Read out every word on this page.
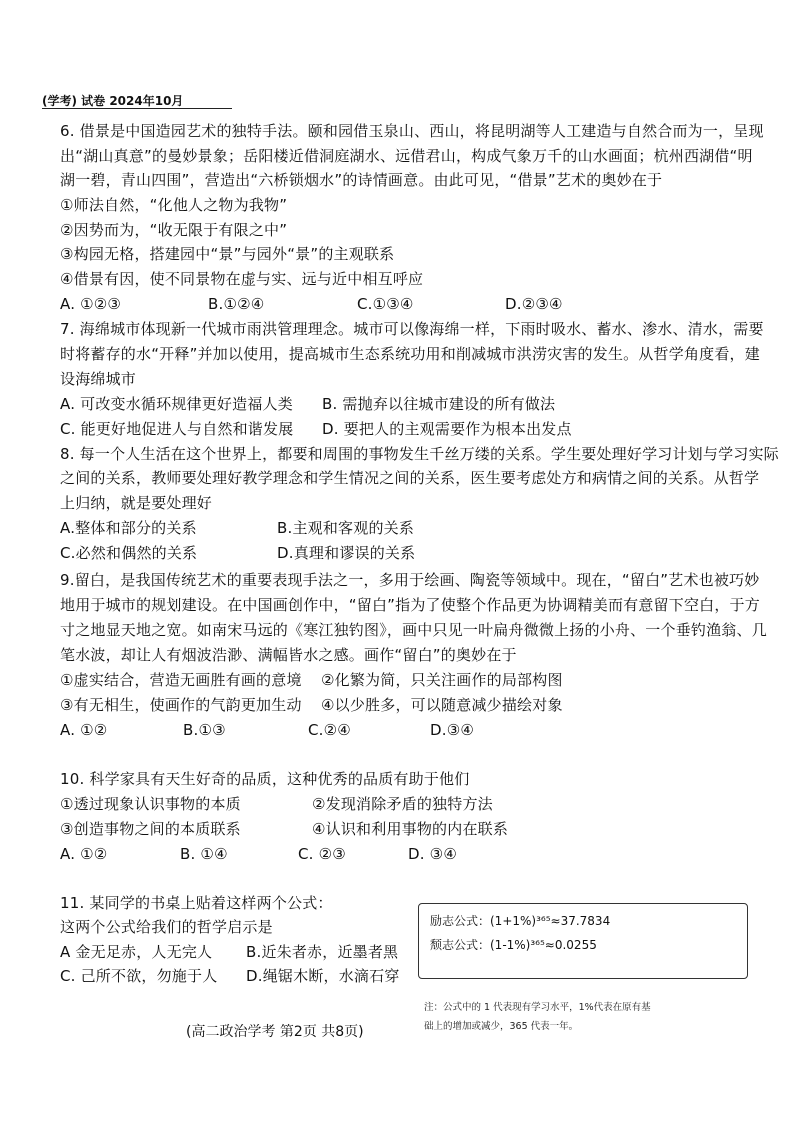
(学考) 试卷 2024年10月
6. 借景是中国造园艺术的独特手法。颐和园借玉泉山、西山，将昆明湖等人工建造与自然合而为一，呈现
出“湖山真意”的曼妙景象；岳阳楼近借洞庭湖水、远借君山，构成气象万千的山水画面；杭州西湖借“明
湖一碧，青山四围”，营造出“六桥锁烟水”的诗情画意。由此可见，“借景”艺术的奥妙在于
①师法自然，“化他人之物为我物”
②因势而为，“收无限于有限之中”
③构园无格，搭建园中“景”与园外“景”的主观联系
④借景有因，使不同景物在虚与实、远与近中相互呼应
A. ①②③	B.①②④	C.①③④	D.②③④
7. 海绵城市体现新一代城市雨洪管理理念。城市可以像海绵一样，下雨时吸水、蓄水、渗水、清水，需要
时将蓄存的水“开释”并加以使用，提高城市生态系统功用和削减城市洪涝灾害的发生。从哲学角度看，建
设海绵城市
A. 可改变水循环规律更好造福人类 B. 需抛弃以往城市建设的所有做法
C. 能更好地促进人与自然和谐发展 D. 要把人的主观需要作为根本出发点
8. 每一个人生活在这个世界上，都要和周围的事物发生千丝万缕的关系。学生要处理好学习计划与学习实际
之间的关系，教师要处理好教学理念和学生情况之间的关系，医生要考虑处方和病情之间的关系。从哲学
上归纳，就是要处理好
A.整体和部分的关系	B.主观和客观的关系
C.必然和偶然的关系	D.真理和谬误的关系
9.留白，是我国传统艺术的重要表现手法之一，多用于绘画、陶瓷等领域中。现在，“留白”艺术也被巧妙
地用于城市的规划建设。在中国画创作中，“留白”指为了使整个作品更为协调精美而有意留下空白，于方
寸之地显天地之宽。如南宋马远的《寒江独钓图》，画中只见一叶扁舟微微上扬的小舟、一个垂钓渔翁、几
笔水波，却让人有烟波浩渺、满幅皆水之感。画作“留白”的奥妙在于
①虚实结合，营造无画胜有画的意境 ②化繁为简，只关注画作的局部构图
③有无相生，使画作的气韵更加生动 ④以少胜多，可以随意减少描绘对象
A. ①②	B.①③	C.②④	D.③④
10. 科学家具有天生好奇的品质，这种优秀的品质有助于他们
①透过现象认识事物的本质	②发现消除矛盾的独特方法
③创造事物之间的本质联系	④认识和利用事物的内在联系
A. ①②	B. ①④	C. ②③	D. ③④
11. 某同学的书桌上贴着这样两个公式：
这两个公式给我们的哲学启示是
A 金无足赤，人无完人 B.近朱者赤，近墨者黑
C. 己所不欲，勿施于人 D.绳锯木断，水滴石穿
励志公式：(1+1%)³⁶⁵≈37.7834
颓志公式：(1-1%)³⁶⁵≈0.0255
注：公式中的 1 代表现有学习水平，1%代表在原有基
础上的增加或减少，365 代表一年。
(高二政治学考 第2页 共8页)
